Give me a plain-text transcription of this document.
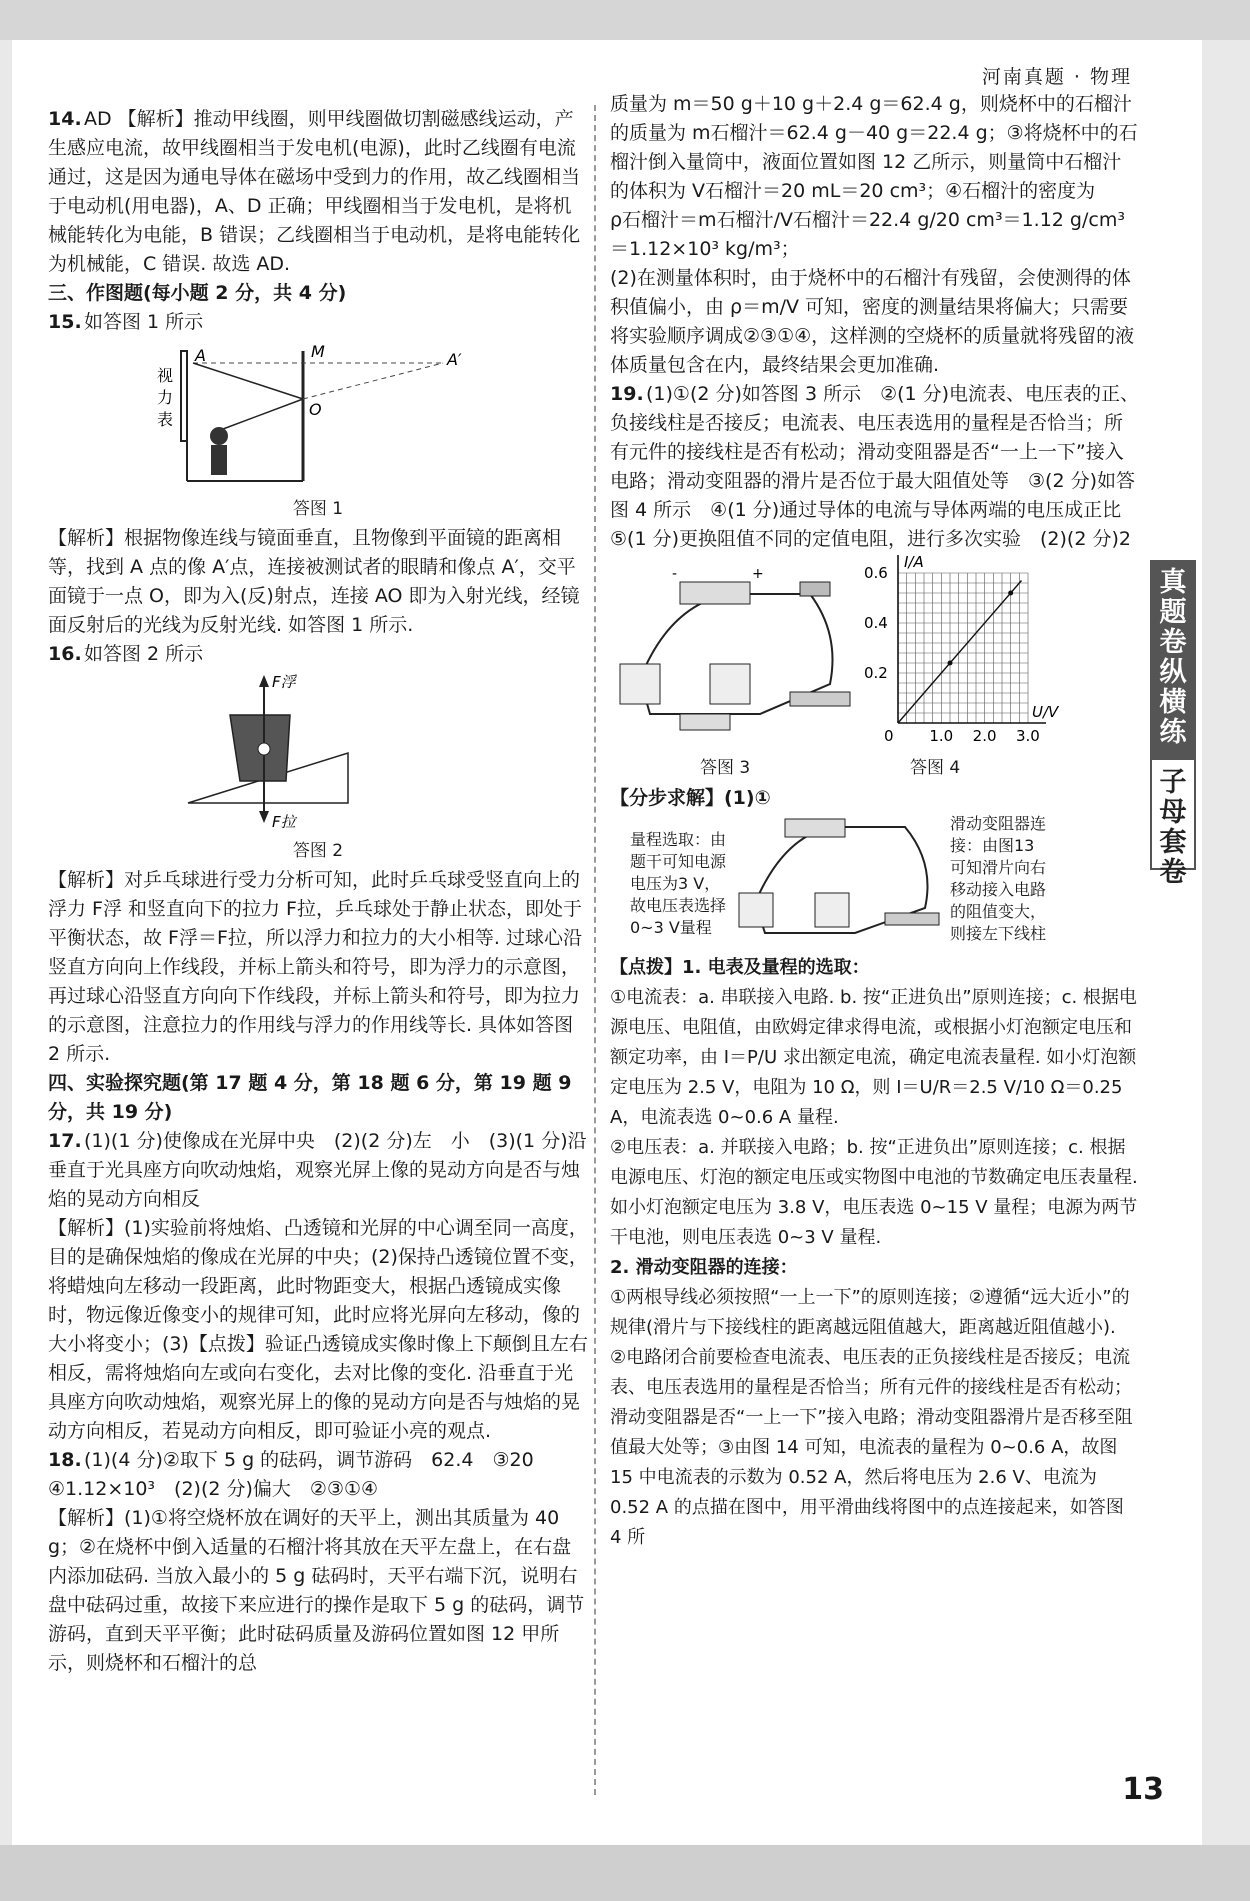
河南真题 · 物理

14. AD 【解析】推动甲线圈，则甲线圈做切割磁感线运动，产生感应电流，故甲线圈相当于发电机(电源)，此时乙线圈有电流通过，这是因为通电导体在磁场中受到力的作用，故乙线圈相当于电动机(用电器)，A、D 正确；甲线圈相当于发电机，是将机械能转化为电能，B 错误；乙线圈相当于电动机，是将电能转化为机械能，C 错误. 故选 AD.

三、作图题(每小题 2 分，共 4 分)

15. 如答图 1 所示

视
力
表
A	M	A′
O

答图 1

【解析】根据物像连线与镜面垂直，且物像到平面镜的距离相等，找到 A 点的像 A′点，连接被测试者的眼睛和像点 A′，交平面镜于一点 O，即为入(反)射点，连接 AO 即为入射光线，经镜面反射后的光线为反射光线. 如答图 1 所示.

16. 如答图 2 所示

F浮
F拉

答图 2

【解析】对乒乓球进行受力分析可知，此时乒乓球受竖直向上的浮力 F浮 和竖直向下的拉力 F拉，乒乓球处于静止状态，即处于平衡状态，故 F浮＝F拉，所以浮力和拉力的大小相等. 过球心沿竖直方向向上作线段，并标上箭头和符号，即为浮力的示意图，再过球心沿竖直方向向下作线段，并标上箭头和符号，即为拉力的示意图，注意拉力的作用线与浮力的作用线等长. 具体如答图 2 所示.

四、实验探究题(第 17 题 4 分，第 18 题 6 分，第 19 题 9 分，共 19 分)

17. (1)(1 分)使像成在光屏中央　(2)(2 分)左　小　(3)(1 分)沿垂直于光具座方向吹动烛焰，观察光屏上像的晃动方向是否与烛焰的晃动方向相反

【解析】(1)实验前将烛焰、凸透镜和光屏的中心调至同一高度，目的是确保烛焰的像成在光屏的中央；(2)保持凸透镜位置不变，将蜡烛向左移动一段距离，此时物距变大，根据凸透镜成实像时，物远像近像变小的规律可知，此时应将光屏向左移动，像的大小将变小；(3)【点拨】验证凸透镜成实像时像上下颠倒且左右相反，需将烛焰向左或向右变化，去对比像的变化. 沿垂直于光具座方向吹动烛焰，观察光屏上的像的晃动方向是否与烛焰的晃动方向相反，若晃动方向相反，即可验证小亮的观点.

18. (1)(4 分)②取下 5 g 的砝码，调节游码　62.4　③20　④1.12×10³　(2)(2 分)偏大　②③①④

【解析】(1)①将空烧杯放在调好的天平上，测出其质量为 40 g；②在烧杯中倒入适量的石榴汁将其放在天平左盘上，在右盘内添加砝码. 当放入最小的 5 g 砝码时，天平右端下沉，说明右盘中砝码过重，故接下来应进行的操作是取下 5 g 的砝码，调节游码，直到天平平衡；此时砝码质量及游码位置如图 12 甲所示，则烧杯和石榴汁的总

质量为 m＝50 g＋10 g＋2.4 g＝62.4 g，则烧杯中的石榴汁的质量为 m石榴汁＝62.4 g－40 g＝22.4 g；③将烧杯中的石榴汁倒入量筒中，液面位置如图 12 乙所示，则量筒中石榴汁的体积为 V石榴汁＝20 mL＝20 cm³；④石榴汁的密度为

ρ石榴汁＝m石榴汁/V石榴汁＝22.4 g/20 cm³＝1.12 g/cm³＝1.12×10³ kg/m³；

(2)在测量体积时，由于烧杯中的石榴汁有残留，会使测得的体积值偏小，由 ρ＝m/V 可知，密度的测量结果将偏大；只需要将实验顺序调成②③①④，这样测的空烧杯的质量就将残留的液体质量包含在内，最终结果会更加准确.

19. (1)①(2 分)如答图 3 所示　②(1 分)电流表、电压表的正、负接线柱是否接反；电流表、电压表选用的量程是否恰当；所有元件的接线柱是否有松动；滑动变阻器是否“一上一下”接入电路；滑动变阻器的滑片是否位于最大阻值处等　③(2 分)如答图 4 所示　④(1 分)通过导体的电流与导体两端的电压成正比　⑤(1 分)更换阻值不同的定值电阻，进行多次实验　(2)(2 分)2

-	+

答图 3

U/V
I/A
0 1.0 2.0 3.0
0.2
0.4
0.6

答图 4

【分步求解】(1)①

量程选取：由题干可知电源电压为3 V，故电压表选择0~3 V量程

滑动变阻器连接：由图13可知滑片向右移动接入电路的阻值变大，则接左下线柱

【点拨】1. 电表及量程的选取：

①电流表：a. 串联接入电路. b. 按“正进负出”原则连接；c. 根据电源电压、电阻值，由欧姆定律求得电流，或根据小灯泡额定电压和额定功率，由 I＝P/U 求出额定电流，确定电流表量程. 如小灯泡额定电压为 2.5 V，电阻为 10 Ω，则 I＝U/R＝2.5 V/10 Ω＝0.25 A，电流表选 0~0.6 A 量程.

②电压表：a. 并联接入电路；b. 按“正进负出”原则连接；c. 根据电源电压、灯泡的额定电压或实物图中电池的节数确定电压表量程. 如小灯泡额定电压为 3.8 V，电压表选 0~15 V 量程；电源为两节干电池，则电压表选 0~3 V 量程.

2. 滑动变阻器的连接：

①两根导线必须按照“一上一下”的原则连接；②遵循“远大近小”的规律(滑片与下接线柱的距离越远阻值越大，距离越近阻值越小).

②电路闭合前要检查电流表、电压表的正负接线柱是否接反；电流表、电压表选用的量程是否恰当；所有元件的接线柱是否有松动；滑动变阻器是否“一上一下”接入电路；滑动变阻器滑片是否移至阻值最大处等；③由图 14 可知，电流表的量程为 0~0.6 A，故图 15 中电流表的示数为 0.52 A，然后将电压为 2.6 V、电流为 0.52 A 的点描在图中，用平滑曲线将图中的点连接起来，如答图 4 所

真题卷纵横练
子母套卷
13
